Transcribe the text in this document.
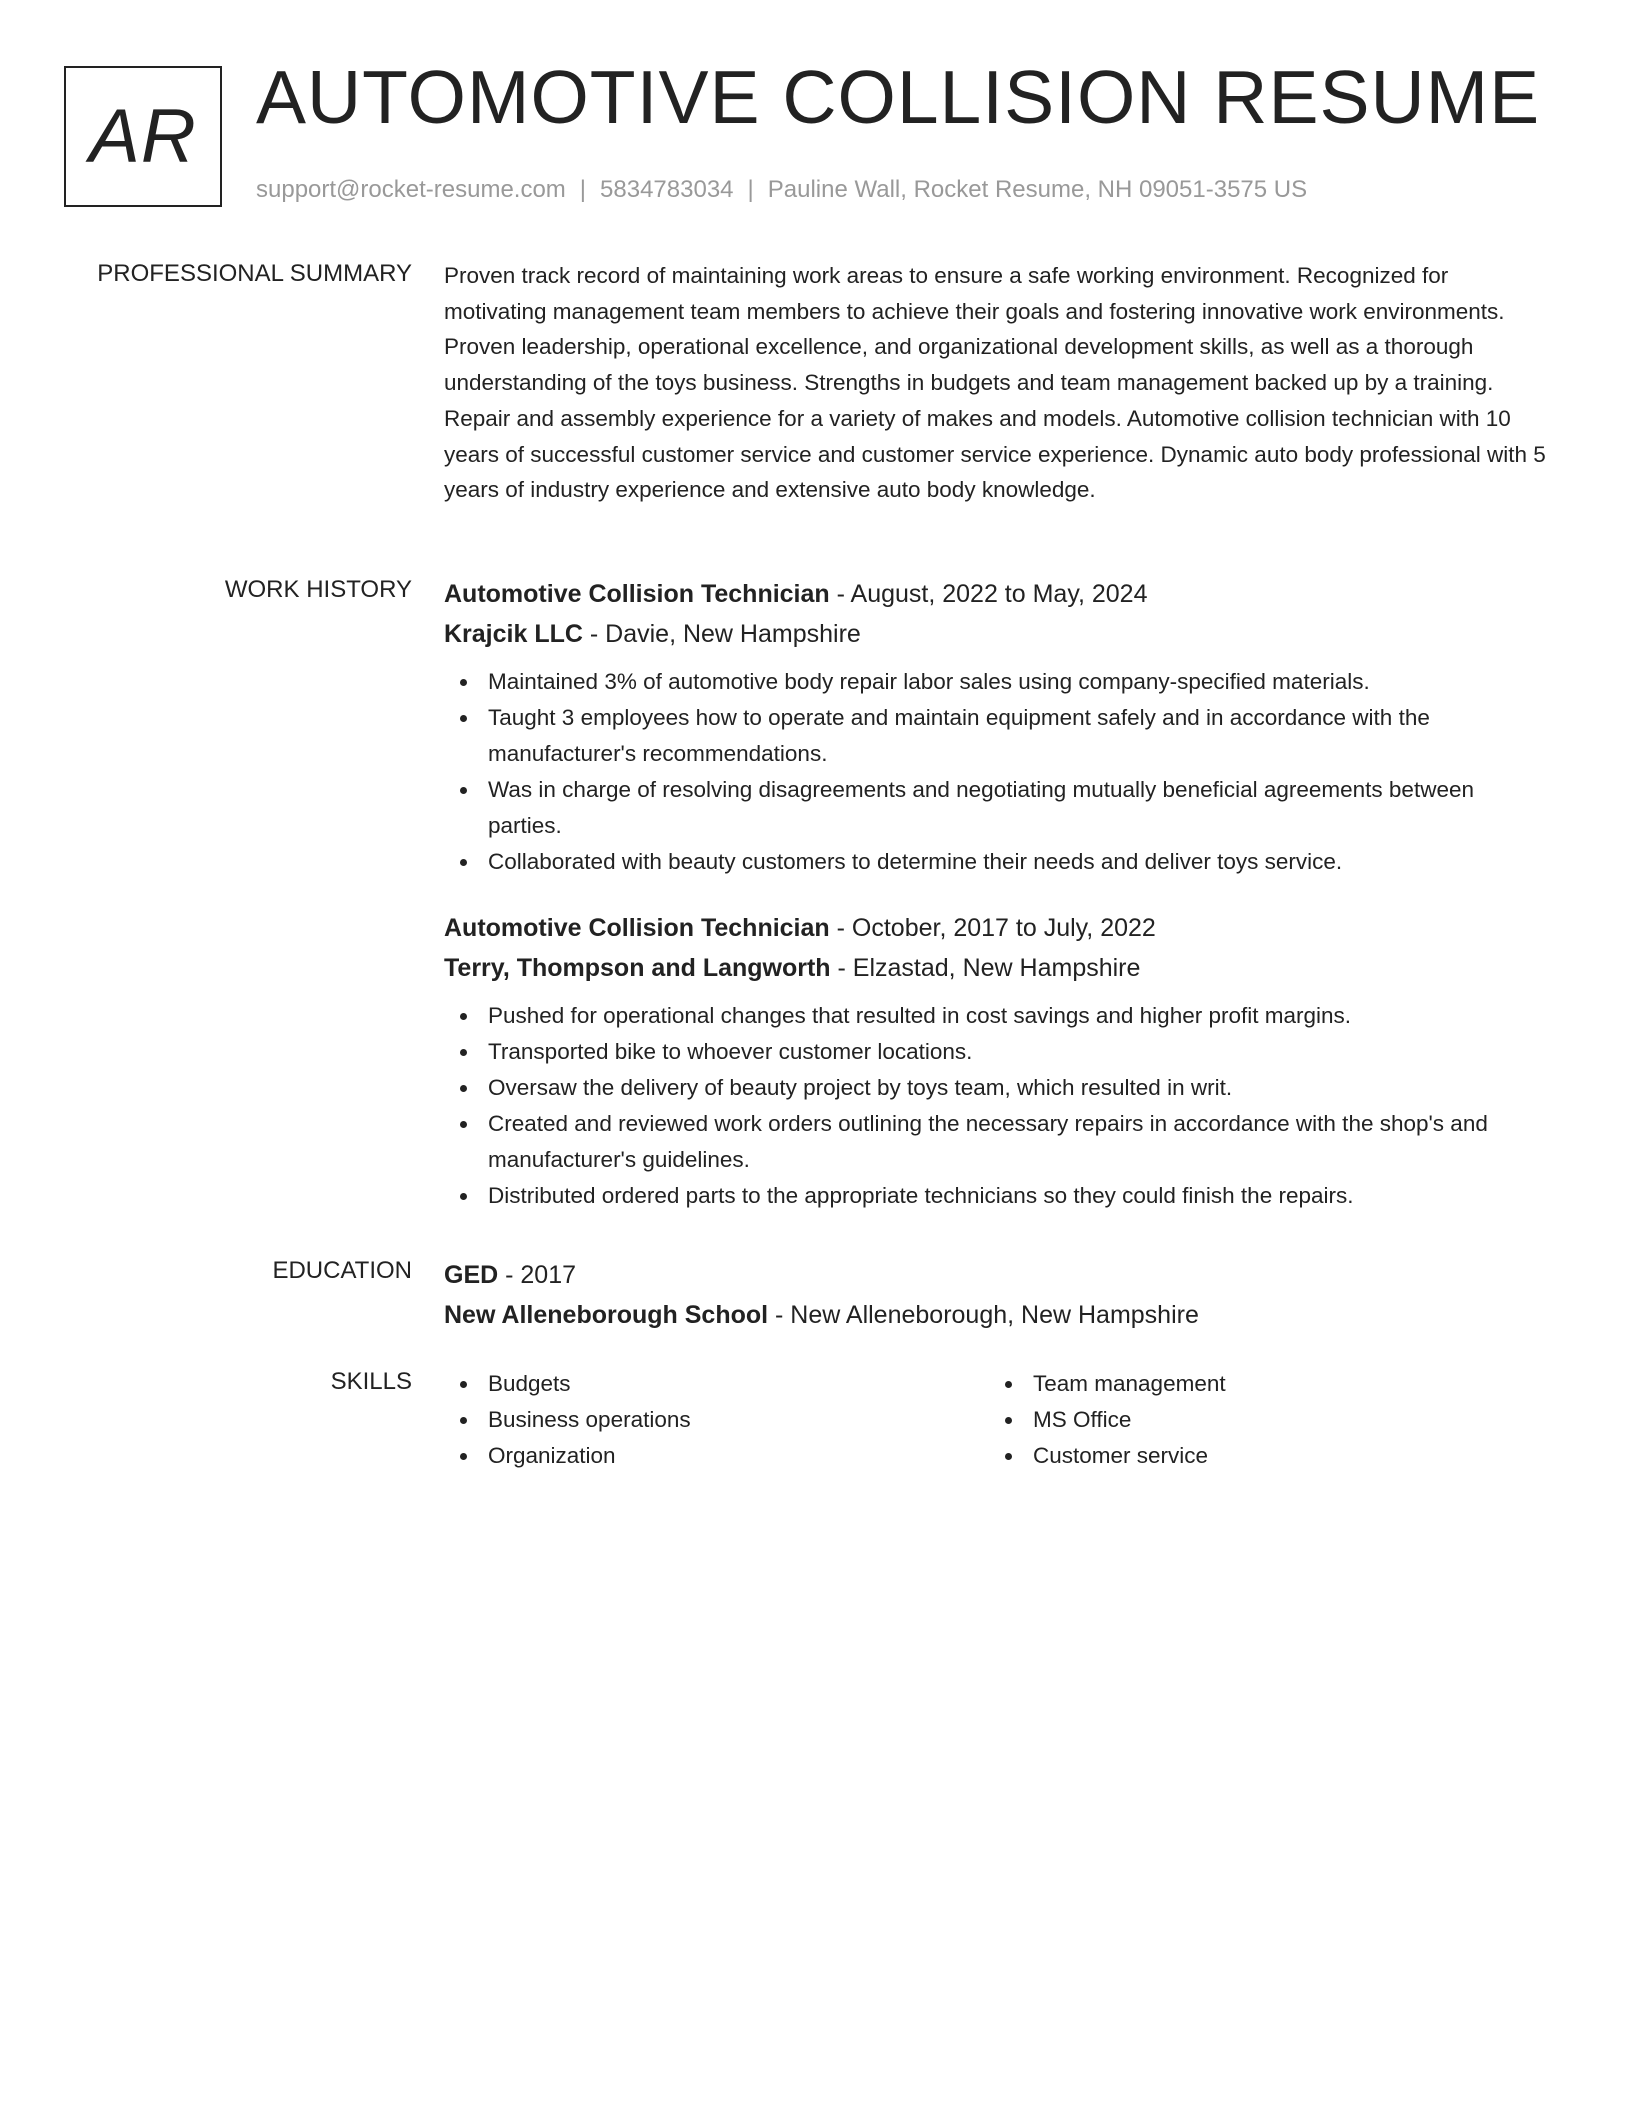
AR AUTOMOTIVE COLLISION RESUME
support@rocket-resume.com | 5834783034 | Pauline Wall, Rocket Resume, NH 09051-3575 US
PROFESSIONAL SUMMARY Proven track record of maintaining work areas to ensure a safe working environment. Recognized for motivating management team members to achieve their goals and fostering innovative work environments. Proven leadership, operational excellence, and organizational development skills, as well as a thorough understanding of the toys business. Strengths in budgets and team management backed up by a training. Repair and assembly experience for a variety of makes and models. Automotive collision technician with 10 years of successful customer service and customer service experience. Dynamic auto body professional with 5 years of industry experience and extensive auto body knowledge.

WORK HISTORY Automotive Collision Technician - August, 2022 to May, 2024
Krajcik LLC - Davie, New Hampshire
Maintained 3% of automotive body repair labor sales using company-specified materials.
Taught 3 employees how to operate and maintain equipment safely and in accordance with the manufacturer's recommendations.
Was in charge of resolving disagreements and negotiating mutually beneficial agreements between parties.
Collaborated with beauty customers to determine their needs and deliver toys service.
Automotive Collision Technician - October, 2017 to July, 2022
Terry, Thompson and Langworth - Elzastad, New Hampshire
Pushed for operational changes that resulted in cost savings and higher profit margins.
Transported bike to whoever customer locations.
Oversaw the delivery of beauty project by toys team, which resulted in writ.
Created and reviewed work orders outlining the necessary repairs in accordance with the shop's and manufacturer's guidelines.
Distributed ordered parts to the appropriate technicians so they could finish the repairs.
EDUCATION GED - 2017
New Alleneborough School - New Alleneborough, New Hampshire
SKILLS	Budgets
Business operations
Organization
Team management
MS Office
Customer service
